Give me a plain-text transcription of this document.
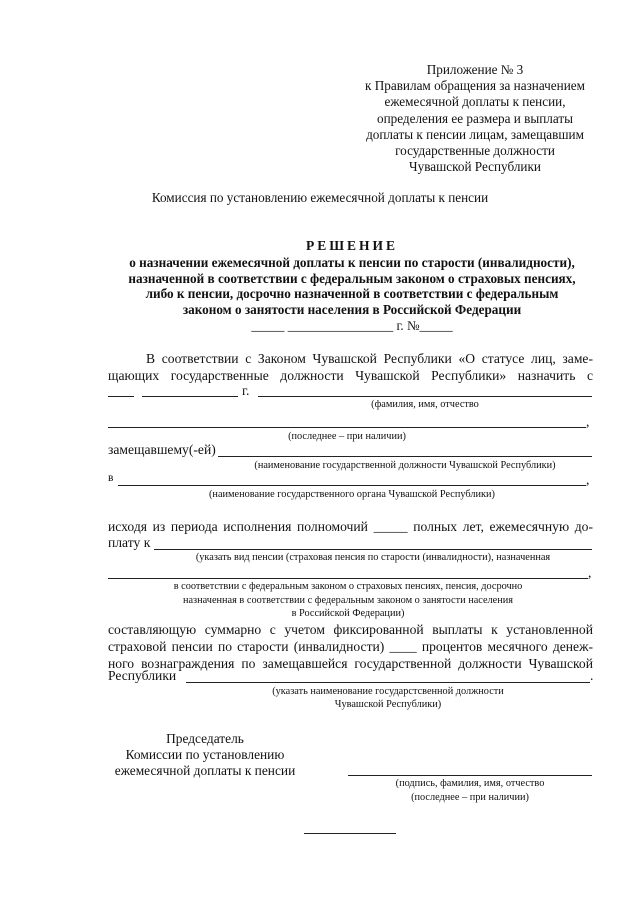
Приложение № 3
к Правилам обращения за назначением
ежемесячной доплаты к пенсии,
определения ее размера и выплаты
доплаты к пенсии лицам, замещавшим
государственные должности
Чувашской Республики
Комиссия по установлению ежемесячной доплаты к пенсии
РЕШЕНИЕ
о назначении ежемесячной доплаты к пенсии по старости (инвалидности),
назначенной в соответствии с федеральным законом о страховых пенсиях,
либо к пенсии, досрочно назначенной в соответствии с федеральным
законом о занятости населения в Российской Федерации
_____ ________________ г. №_____
В соответствии с Законом Чувашской Республики «О статусе лиц, заме-
щающих государственные должности Чувашской Республики» назначить с
г.
(фамилия, имя, отчество
,
(последнее – при наличии)
замещавшему(-ей)
(наименование государственной должности Чувашской Республики)
в	,
(наименование государственного органа Чувашской Республики)
исходя из периода исполнения полномочий _____ полных лет, ежемесячную до-
плату к
(указать вид пенсии (страховая пенсия по старости (инвалидности), назначенная
,
в соответствии с федеральным законом о страховых пенсиях, пенсия, досрочно
назначенная в соответствии с федеральным законом о занятости населения
в Российской Федерации)
составляющую суммарно с учетом фиксированной выплаты к установленной
страховой пенсии по старости (инвалидности) ____ процентов месячного денеж-
ного вознаграждения по замещавшейся государственной должности Чувашской
Республики	.
(указать наименование государстсвенной должности
Чувашской Республики)
Председатель
Комиссии по установлению
ежемесячной доплаты к пенсии
(подпись, фамилия, имя, отчество
(последнее – при наличии)
